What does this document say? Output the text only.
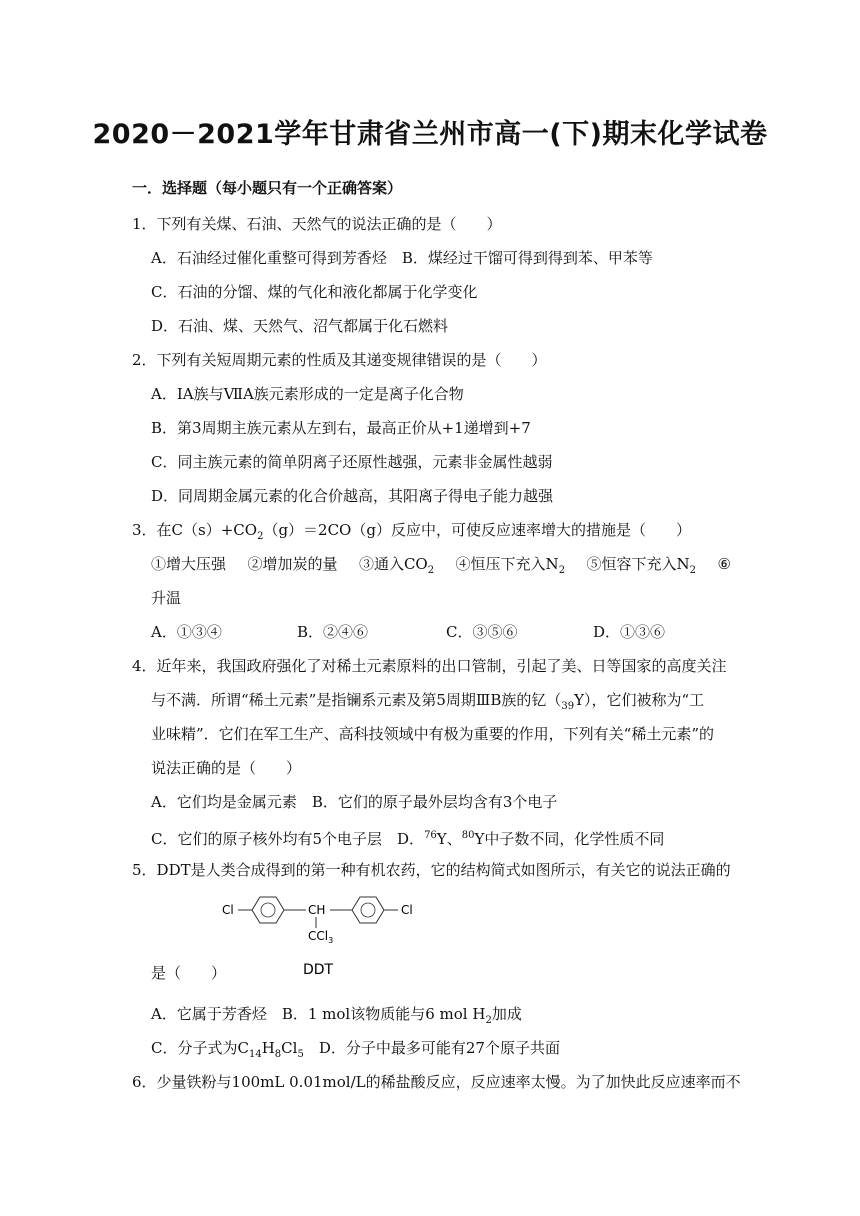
2020－2021学年甘肃省兰州市高一(下)期末化学试卷
一．选择题（每小题只有一个正确答案）
1．下列有关煤、石油、天然气的说法正确的是（　　）
A．石油经过催化重整可得到芳香烃　B．煤经过干馏可得到得到苯、甲苯等
C．石油的分馏、煤的气化和液化都属于化学变化
D．石油、煤、天然气、沼气都属于化石燃料
2．下列有关短周期元素的性质及其递变规律错误的是（　　）
A．ⅠA族与ⅦA族元素形成的一定是离子化合物
B．第3周期主族元素从左到右，最高正价从+1递增到+7
C．同主族元素的简单阴离子还原性越强，元素非金属性越弱
D．同周期金属元素的化合价越高，其阳离子得电子能力越强
3．在$C(s)+CO_2(g)=2CO(g)$反应中，可使反应速率增大的措施是（　　）
①增大压强 ②增加炭的量 ③通入$CO_2$ ④恒压下充入$N_2$ ⑤恒容下充入$N_2$ ⑥
升温
A．①③④	B．②④⑥	C．③⑤⑥	D．①③⑥
4．近年来，我国政府强化了对稀土元素原料的出口管制，引起了美、日等国家的高度关注
与不满．所谓“稀土元素”是指镧系元素及第5周期ⅢB族的钇$(_{39}Y)$，它们被称为“工
业味精”．它们在军工生产、高科技领域中有极为重要的作用，下列有关“稀土元素”的
说法正确的是（　　）
A．它们均是金属元素　B．它们的原子最外层均含有3个电子
C．它们的原子核外均有5个电子层　D．$^{76}$Y、$^{80}$Y中子数不同，化学性质不同
5．DDT是人类合成得到的第一种有机农药，它的结构简式如图所示，有关它的说法正确的
Cl	CH	Cl
CCl$_3$
DDT
是（　　）
A．它属于芳香烃　B．1 mol该物质能与6 mol $H_2$加成
C．分子式为$C_{14}H_8Cl_5$　D．分子中最多可能有27个原子共面
6．少量铁粉与100mL 0.01mol/L的稀盐酸反应，反应速率太慢。为了加快此反应速率而不
